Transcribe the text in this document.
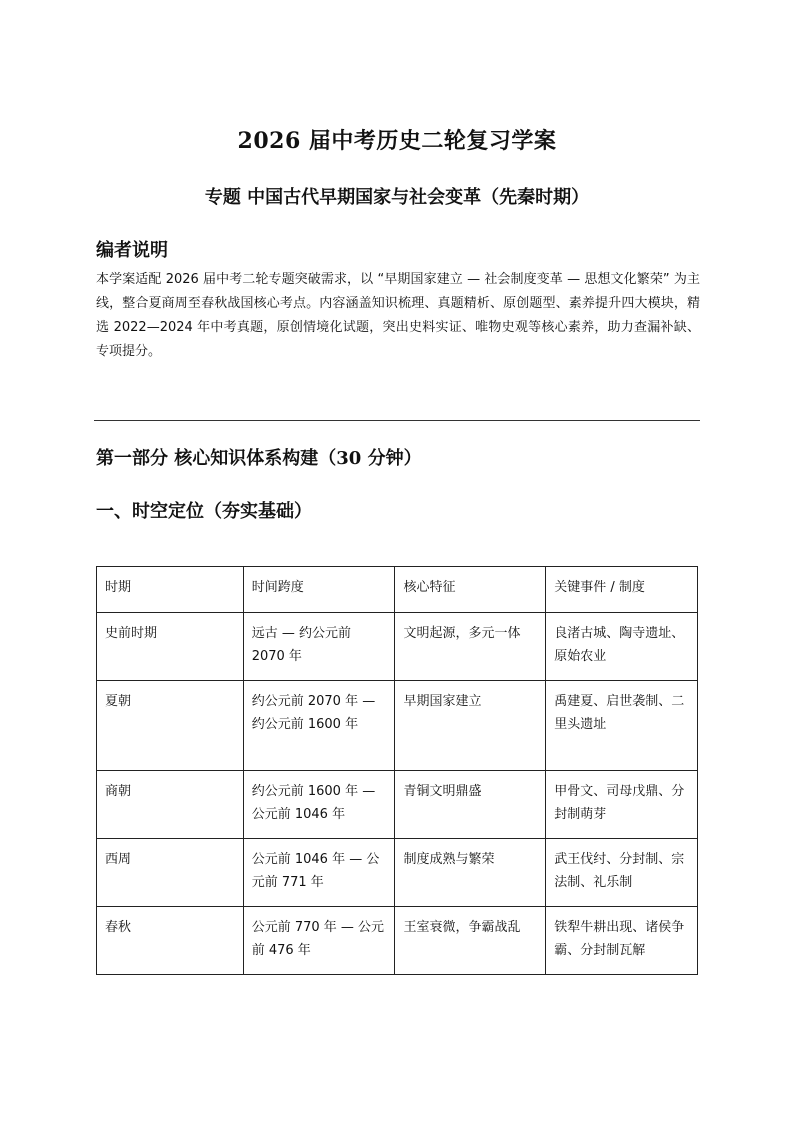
2026 届中考历史二轮复习学案
专题 中国古代早期国家与社会变革（先秦时期）
编者说明
本学案适配 2026 届中考二轮专题突破需求，以 “早期国家建立 — 社会制度变革 — 思想文化繁荣” 为主线，整合夏商周至春秋战国核心考点。内容涵盖知识梳理、真题精析、原创题型、素养提升四大模块，精选 2022—2024 年中考真题，原创情境化试题，突出史料实证、唯物史观等核心素养，助力查漏补缺、专项提分。
第一部分 核心知识体系构建（30 分钟）
一、时空定位（夯实基础）
时期	时间跨度	核心特征	关键事件 / 制度
史前时期	远古 — 约公元前 2070 年	文明起源，多元一体	良渚古城、陶寺遗址、原始农业
夏朝	约公元前 2070 年 — 约公元前 1600 年	早期国家建立	禹建夏、启世袭制、二里头遗址
商朝	约公元前 1600 年 — 公元前 1046 年	青铜文明鼎盛	甲骨文、司母戊鼎、分封制萌芽
西周	公元前 1046 年 — 公元前 771 年	制度成熟与繁荣	武王伐纣、分封制、宗法制、礼乐制
春秋	公元前 770 年 — 公元前 476 年	王室衰微，争霸战乱	铁犁牛耕出现、诸侯争霸、分封制瓦解
